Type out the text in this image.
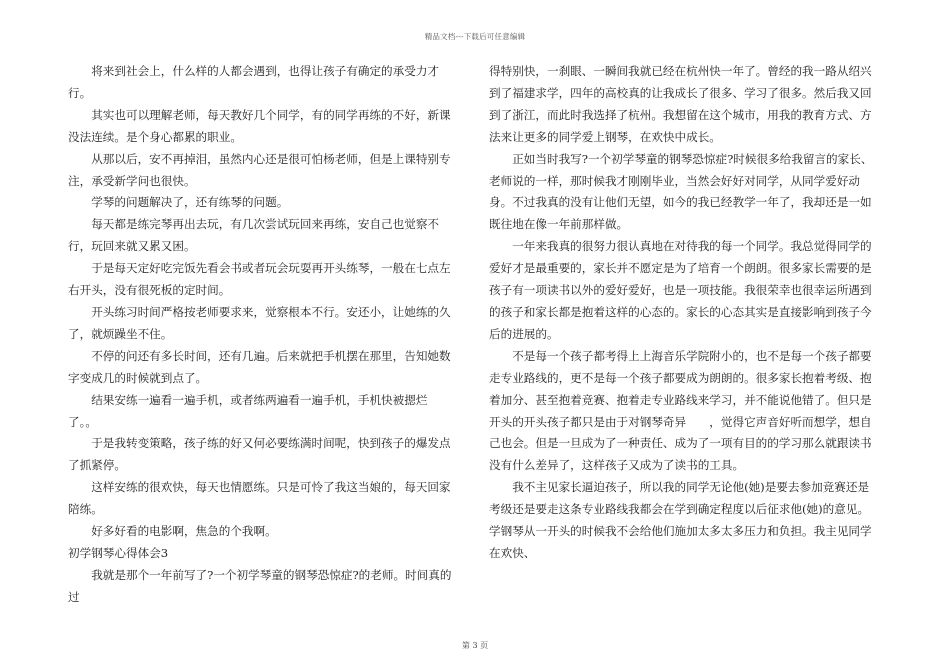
精品文档---下载后可任意编辑

将来到社会上，什么样的人都会遇到，也得让孩子有确定的承受力才行。

其实也可以理解老师，每天教好几个同学，有的同学再练的不好，新课没法连续。是个身心都累的职业。

从那以后，安不再掉泪，虽然内心还是很可怕杨老师，但是上课特别专注，承受新学问也很快。

学琴的问题解决了，还有练琴的问题。

每天都是练完琴再出去玩，有几次尝试玩回来再练，安自己也觉察不行，玩回来就又累又困。

于是每天定好吃完饭先看会书或者玩会玩耍再开头练琴，一般在七点左右开头，没有很死板的定时间。

开头练习时间严格按老师要求来，觉察根本不行。安还小，让她练的久了，就烦躁坐不住。

不停的问还有多长时间，还有几遍。后来就把手机摆在那里，告知她数字变成几的时候就到点了。

结果安练一遍看一遍手机，或者练两遍看一遍手机，手机快被摁烂了。。

于是我转变策略，孩子练的好又何必要练满时间呢，快到孩子的爆发点了抓紧停。

这样安练的很欢快，每天也情愿练。只是可怜了我这当娘的，每天回家陪练。

好多好看的电影啊，焦急的个我啊。

初学钢琴心得体会3

我就是那个一年前写了?一个初学琴童的钢琴恐惊症?的老师。时间真的过

得特别快，一刹眼、一瞬间我就已经在杭州快一年了。曾经的我一路从绍兴到了福建求学，四年的高校真的让我成长了很多、学习了很多。然后我又回到了浙江，而此时我选择了杭州。我想留在这个城市，用我的教育方式、方法来让更多的同学爱上钢琴，在欢快中成长。

正如当时我写?一个初学琴童的钢琴恐惊症?时候很多给我留言的家长、老师说的一样，那时候我才刚刚毕业，当然会好好对同学，从同学爱好动身。不过我真的没有让他们无望，如今的我已经教学一年了，我却还是一如既往地在像一年前那样做。

一年来我真的很努力很认真地在对待我的每一个同学。我总觉得同学的爱好才是最重要的，家长并不愿定是为了培育一个朗朗。很多家长需要的是孩子有一项读书以外的爱好爱好，也是一项技能。我很荣幸也很幸运所遇到的孩子和家长都是抱着这样的心态的。家长的心态其实是直接影响到孩子今后的进展的。

不是每一个孩子都考得上上海音乐学院附小的，也不是每一个孩子都要走专业路线的，更不是每一个孩子都要成为朗朗的。很多家长抱着考级、抱着加分、甚至抱着竞赛、抱着走专业路线来学习，并不能说他错了。但只是开头的开头孩子都只是由于对钢琴奇异　　，觉得它声音好听而想学，想自己也会。但是一旦成为了一种责任、成为了一项有目的的学习那么就跟读书没有什么差异了，这样孩子又成为了读书的工具。

我不主见家长逼迫孩子，所以我的同学无论他(她)是要去参加竞赛还是考级还是要走这条专业路线我都会在学到确定程度以后征求他(她)的意见。学钢琴从一开头的时候我不会给他们施加太多太多压力和负担。我主见同学在欢快、

第 3 页
